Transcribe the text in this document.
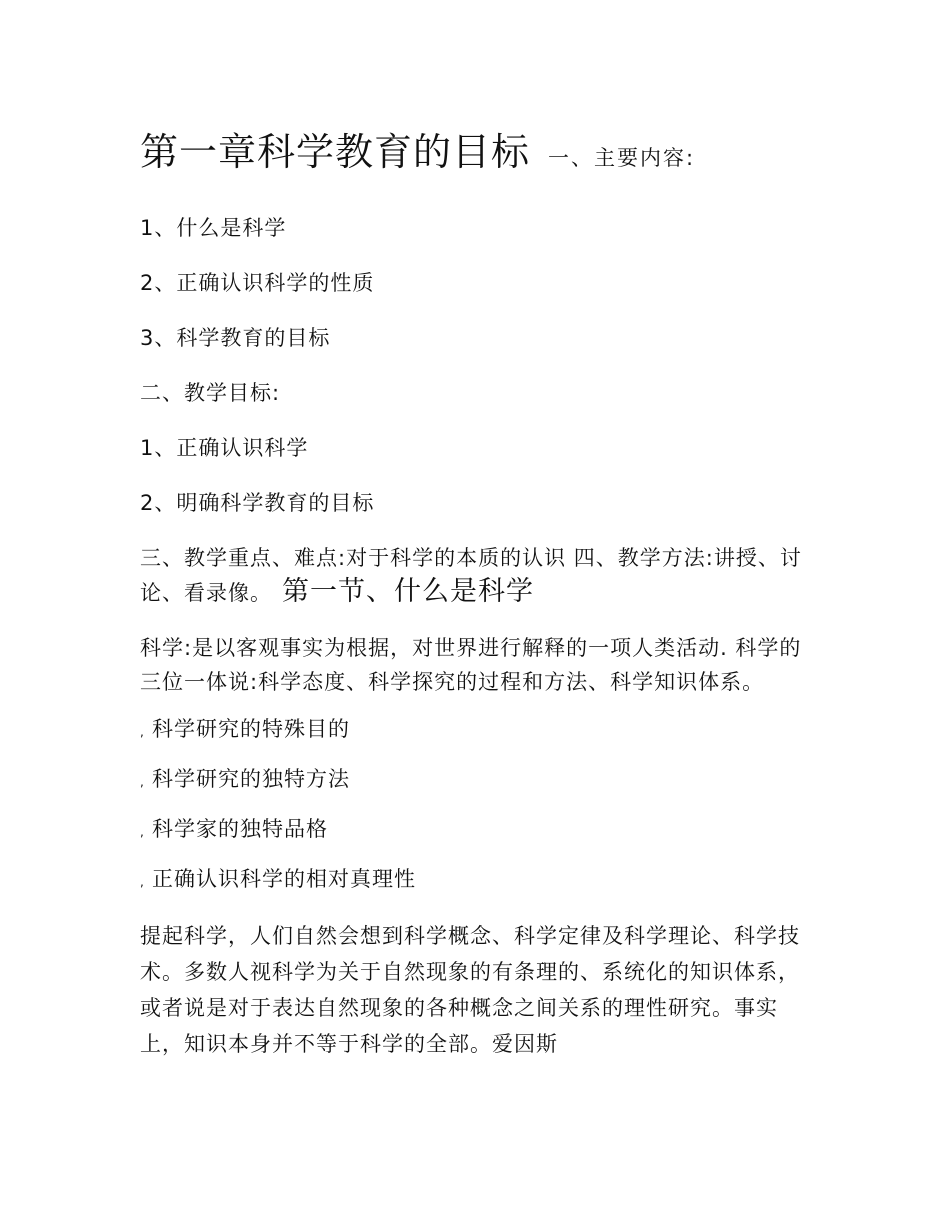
第一章科学教育的目标 一、主要内容:

1、什么是科学

2、正确认识科学的性质

3、科学教育的目标

二、教学目标:

1、正确认识科学

2、明确科学教育的目标

三、教学重点、难点:对于科学的本质的认识 四、教学方法:讲授、讨论、看录像。 第一节、什么是科学

科学:是以客观事实为根据，对世界进行解释的一项人类活动. 科学的三位一体说:科学态度、科学探究的过程和方法、科学知识体系。

, 科学研究的特殊目的

, 科学研究的独特方法

, 科学家的独特品格

, 正确认识科学的相对真理性

提起科学，人们自然会想到科学概念、科学定律及科学理论、科学技术。多数人视科学为关于自然现象的有条理的、系统化的知识体系，或者说是对于表达自然现象的各种概念之间关系的理性研究。事实上，知识本身并不等于科学的全部。爱因斯
